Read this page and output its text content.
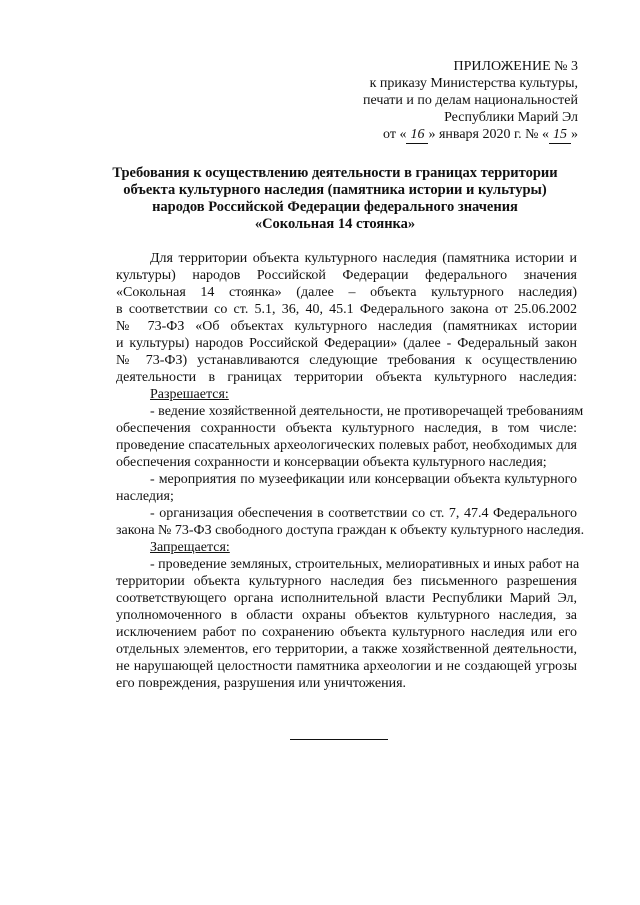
ПРИЛОЖЕНИЕ № 3
к приказу Министерства культуры,
печати и по делам национальностей
Республики Марий Эл
от « 16 » января 2020 г. № « 15 »
Требования к осуществлению деятельности в границах территории
объекта культурного наследия (памятника истории и культуры)
народов Российской Федерации федерального значения
«Сокольная 14 стоянка»
Для территории объекта культурного наследия (памятника истории и
культуры) народов Российской Федерации федерального значения
«Сокольная 14 стоянка» (далее – объекта культурного наследия)
в соответствии со ст. 5.1, 36, 40, 45.1 Федерального закона от 25.06.2002
№ 73-ФЗ «Об объектах культурного наследия (памятниках истории
и культуры) народов Российской Федерации» (далее - Федеральный закон
№ 73-ФЗ) устанавливаются следующие требования к осуществлению
деятельности в границах территории объекта культурного наследия:
Разрешается:
- ведение хозяйственной деятельности, не противоречащей требованиям
обеспечения сохранности объекта культурного наследия, в том числе:
проведение спасательных археологических полевых работ, необходимых для
обеспечения сохранности и консервации объекта культурного наследия;
- мероприятия по музеефикации или консервации объекта культурного
наследия;
- организация обеспечения в соответствии со ст. 7, 47.4 Федерального
закона № 73-ФЗ свободного доступа граждан к объекту культурного наследия.
Запрещается:
- проведение земляных, строительных, мелиоративных и иных работ на
территории объекта культурного наследия без письменного разрешения
соответствующего органа исполнительной власти Республики Марий Эл,
уполномоченного в области охраны объектов культурного наследия, за
исключением работ по сохранению объекта культурного наследия или его
отдельных элементов, его территории, а также хозяйственной деятельности,
не нарушающей целостности памятника археологии и не создающей угрозы
его повреждения, разрушения или уничтожения.
